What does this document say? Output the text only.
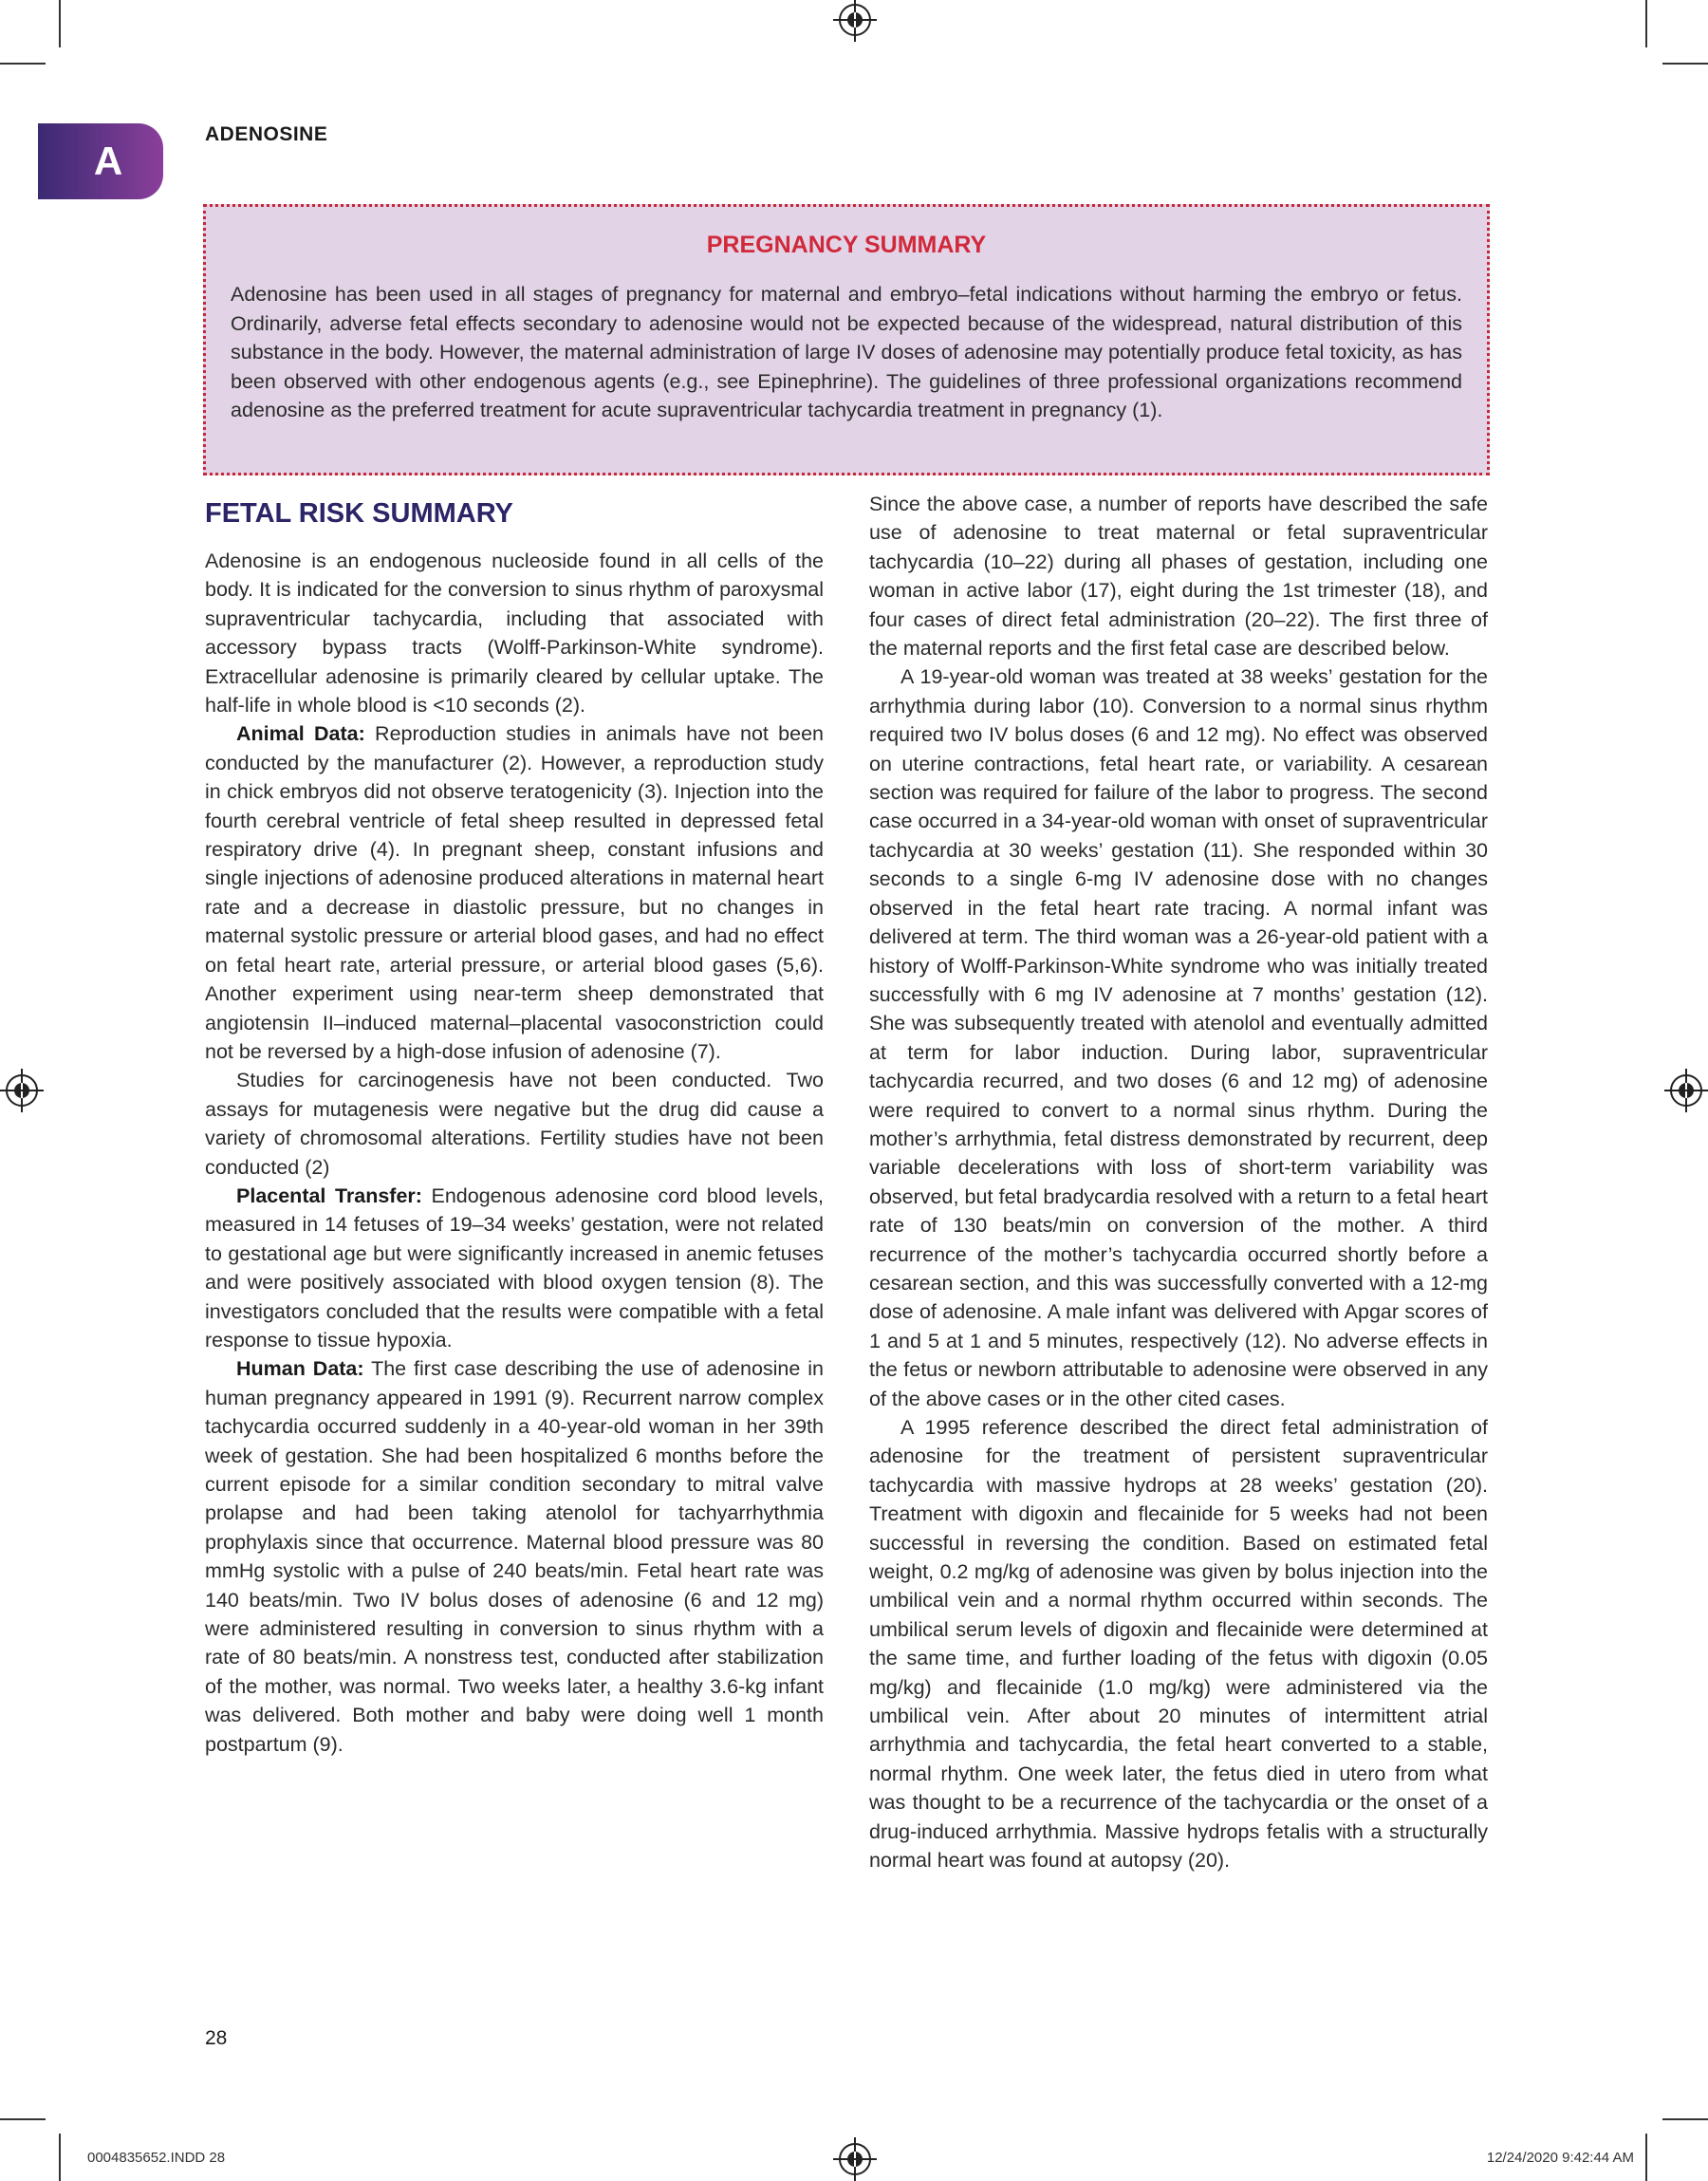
A
ADENOSINE
PREGNANCY SUMMARY
Adenosine has been used in all stages of pregnancy for maternal and embryo–fetal indications without harming the embryo or fetus. Ordinarily, adverse fetal effects secondary to adenosine would not be expected because of the widespread, natural distribution of this substance in the body. However, the maternal administration of large IV doses of adenosine may potentially produce fetal toxicity, as has been observed with other endogenous agents (e.g., see Epinephrine). The guidelines of three professional organizations recommend adenosine as the preferred treatment for acute supraventricular tachycardia treatment in pregnancy (1).
FETAL RISK SUMMARY

Adenosine is an endogenous nucleoside found in all cells of the body. It is indicated for the conversion to sinus rhythm of paroxysmal supraventricular tachycardia, including that associated with accessory bypass tracts (Wolff-Parkinson-White syndrome). Extracellular adenosine is primarily cleared by cellular uptake. The half-life in whole blood is <10 seconds (2).

Animal Data: Reproduction studies in animals have not been conducted by the manufacturer (2). However, a reproduction study in chick embryos did not observe teratogenicity (3). Injection into the fourth cerebral ventricle of fetal sheep resulted in depressed fetal respiratory drive (4). In pregnant sheep, constant infusions and single injections of adenosine produced alterations in maternal heart rate and a decrease in diastolic pressure, but no changes in maternal systolic pressure or arterial blood gases, and had no effect on fetal heart rate, arterial pressure, or arterial blood gases (5,6). Another experiment using near-term sheep demonstrated that angiotensin II–induced maternal–placental vasoconstriction could not be reversed by a high-dose infusion of adenosine (7).

Studies for carcinogenesis have not been conducted. Two assays for mutagenesis were negative but the drug did cause a variety of chromosomal alterations. Fertility studies have not been conducted (2)

Placental Transfer: Endogenous adenosine cord blood levels, measured in 14 fetuses of 19–34 weeks’ gestation, were not related to gestational age but were significantly increased in anemic fetuses and were positively associated with blood oxygen tension (8). The investigators concluded that the results were compatible with a fetal response to tissue hypoxia.

Human Data: The first case describing the use of adenosine in human pregnancy appeared in 1991 (9). Recurrent narrow complex tachycardia occurred suddenly in a 40-year-old woman in her 39th week of gestation. She had been hospitalized 6 months before the current episode for a similar condition secondary to mitral valve prolapse and had been taking atenolol for tachyarrhythmia prophylaxis since that occurrence. Maternal blood pressure was 80 mmHg systolic with a pulse of 240 beats/min. Fetal heart rate was 140 beats/min. Two IV bolus doses of adenosine (6 and 12 mg) were administered resulting in conversion to sinus rhythm with a rate of 80 beats/min. A nonstress test, conducted after stabilization of the mother, was normal. Two weeks later, a healthy 3.6-kg infant was delivered. Both mother and baby were doing well 1 month postpartum (9).

Since the above case, a number of reports have described the safe use of adenosine to treat maternal or fetal supraventricular tachycardia (10–22) during all phases of gestation, including one woman in active labor (17), eight during the 1st trimester (18), and four cases of direct fetal administration (20–22). The first three of the maternal reports and the first fetal case are described below.

A 19-year-old woman was treated at 38 weeks’ gestation for the arrhythmia during labor (10). Conversion to a normal sinus rhythm required two IV bolus doses (6 and 12 mg). No effect was observed on uterine contractions, fetal heart rate, or variability. A cesarean section was required for failure of the labor to progress. The second case occurred in a 34-year-old woman with onset of supraventricular tachycardia at 30 weeks’ gestation (11). She responded within 30 seconds to a single 6-mg IV adenosine dose with no changes observed in the fetal heart rate tracing. A normal infant was delivered at term. The third woman was a 26-year-old patient with a history of Wolff-Parkinson-White syndrome who was initially treated successfully with 6 mg IV adenosine at 7 months’ gestation (12). She was subsequently treated with atenolol and eventually admitted at term for labor induction. During labor, supraventricular tachycardia recurred, and two doses (6 and 12 mg) of adenosine were required to convert to a normal sinus rhythm. During the mother’s arrhythmia, fetal distress demonstrated by recurrent, deep variable decelerations with loss of short-term variability was observed, but fetal bradycardia resolved with a return to a fetal heart rate of 130 beats/min on conversion of the mother. A third recurrence of the mother’s tachycardia occurred shortly before a cesarean section, and this was successfully converted with a 12-mg dose of adenosine. A male infant was delivered with Apgar scores of 1 and 5 at 1 and 5 minutes, respectively (12). No adverse effects in the fetus or newborn attributable to adenosine were observed in any of the above cases or in the other cited cases.

A 1995 reference described the direct fetal administration of adenosine for the treatment of persistent supraventricular tachycardia with massive hydrops at 28 weeks’ gestation (20). Treatment with digoxin and flecainide for 5 weeks had not been successful in reversing the condition. Based on estimated fetal weight, 0.2 mg/kg of adenosine was given by bolus injection into the umbilical vein and a normal rhythm occurred within seconds. The umbilical serum levels of digoxin and flecainide were determined at the same time, and further loading of the fetus with digoxin (0.05 mg/kg) and flecainide (1.0 mg/kg) were administered via the umbilical vein. After about 20 minutes of intermittent atrial arrhythmia and tachycardia, the fetal heart converted to a stable, normal rhythm. One week later, the fetus died in utero from what was thought to be a recurrence of the tachycardia or the onset of a drug-induced arrhythmia. Massive hydrops fetalis with a structurally normal heart was found at autopsy (20).

28
0004835652.INDD 28	12/24/2020 9:42:44 AM
